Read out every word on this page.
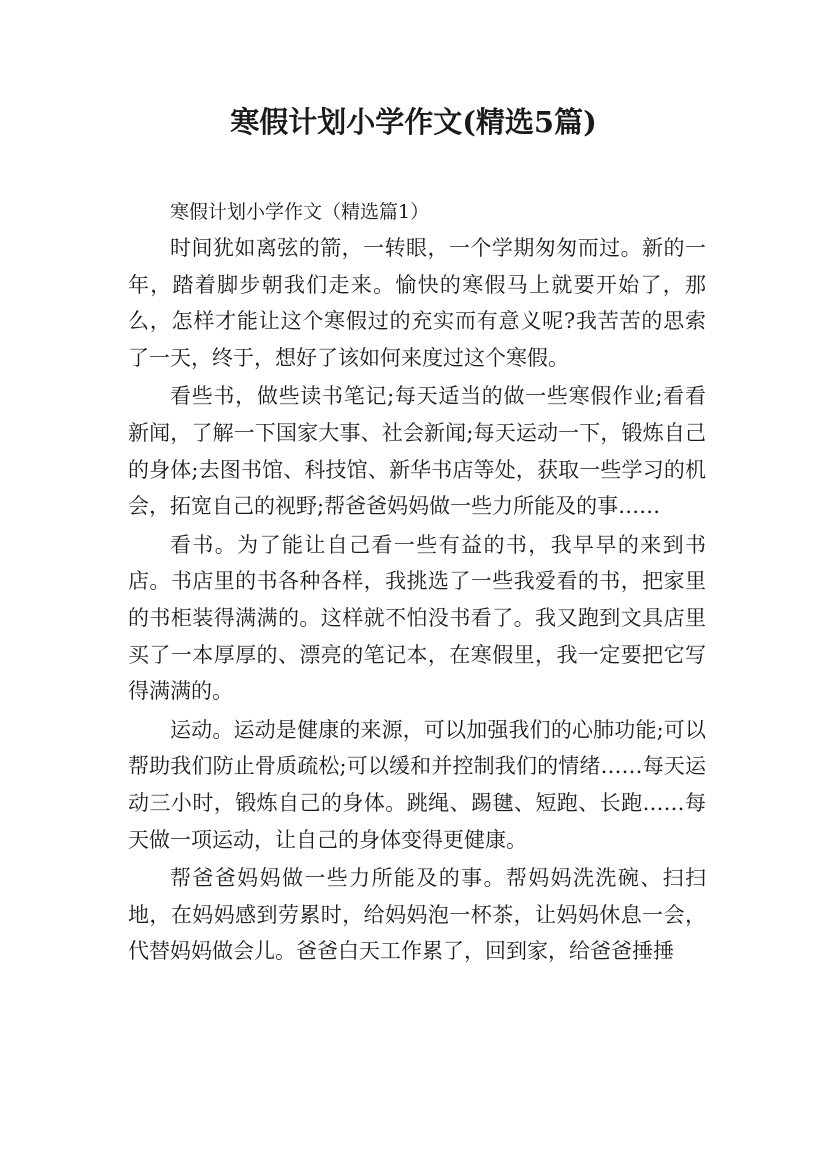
寒假计划小学作文(精选5篇)

寒假计划小学作文（精选篇1）

时间犹如离弦的箭，一转眼，一个学期匆匆而过。新的一年，踏着脚步朝我们走来。愉快的寒假马上就要开始了，那么，怎样才能让这个寒假过的充实而有意义呢?我苦苦的思索了一天，终于，想好了该如何来度过这个寒假。

看些书，做些读书笔记;每天适当的做一些寒假作业;看看新闻，了解一下国家大事、社会新闻;每天运动一下，锻炼自己的身体;去图书馆、科技馆、新华书店等处，获取一些学习的机会，拓宽自己的视野;帮爸爸妈妈做一些力所能及的事……

看书。为了能让自己看一些有益的书，我早早的来到书店。书店里的书各种各样，我挑选了一些我爱看的书，把家里的书柜装得满满的。这样就不怕没书看了。我又跑到文具店里买了一本厚厚的、漂亮的笔记本，在寒假里，我一定要把它写得满满的。

运动。运动是健康的来源，可以加强我们的心肺功能;可以帮助我们防止骨质疏松;可以缓和并控制我们的情绪……每天运动三小时，锻炼自己的身体。跳绳、踢毽、短跑、长跑……每天做一项运动，让自己的身体变得更健康。

帮爸爸妈妈做一些力所能及的事。帮妈妈洗洗碗、扫扫地，在妈妈感到劳累时，给妈妈泡一杯茶，让妈妈休息一会，代替妈妈做会儿。爸爸白天工作累了，回到家，给爸爸捶捶
